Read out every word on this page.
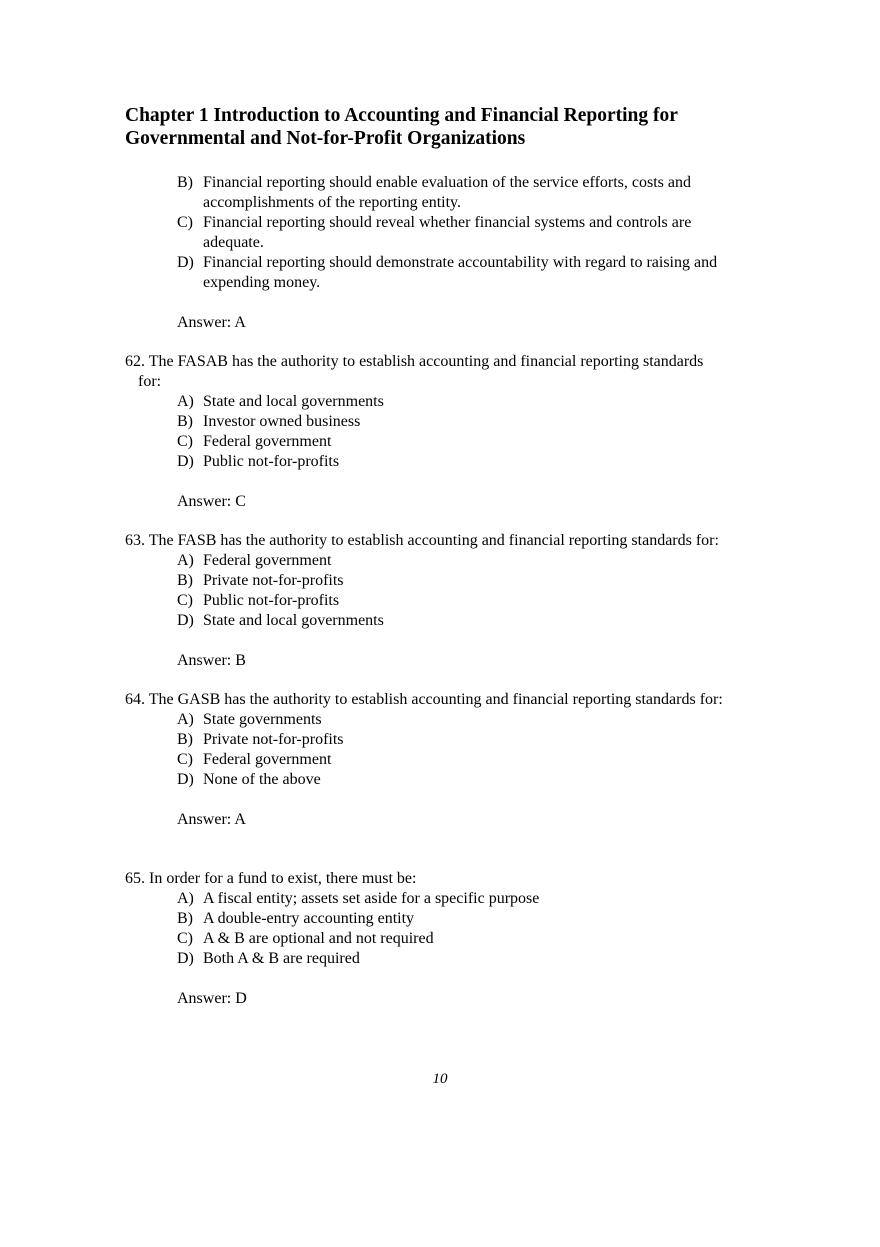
Chapter 1 Introduction to Accounting and Financial Reporting for
Governmental and Not-for-Profit Organizations
B) Financial reporting should enable evaluation of the service efforts, costs and
accomplishments of the reporting entity.
C) Financial reporting should reveal whether financial systems and controls are
adequate.
D) Financial reporting should demonstrate accountability with regard to raising and
expending money.
Answer: A
62. The FASAB has the authority to establish accounting and financial reporting standards
for:
A) State and local governments
B) Investor owned business
C) Federal government
D) Public not-for-profits
Answer: C
63. The FASB has the authority to establish accounting and financial reporting standards for:
A) Federal government
B) Private not-for-profits
C) Public not-for-profits
D) State and local governments
Answer: B
64. The GASB has the authority to establish accounting and financial reporting standards for:
A) State governments
B) Private not-for-profits
C) Federal government
D) None of the above
Answer: A
65. In order for a fund to exist, there must be:
A) A fiscal entity; assets set aside for a specific purpose
B) A double-entry accounting entity
C) A & B are optional and not required
D) Both A & B are required
Answer: D
10
